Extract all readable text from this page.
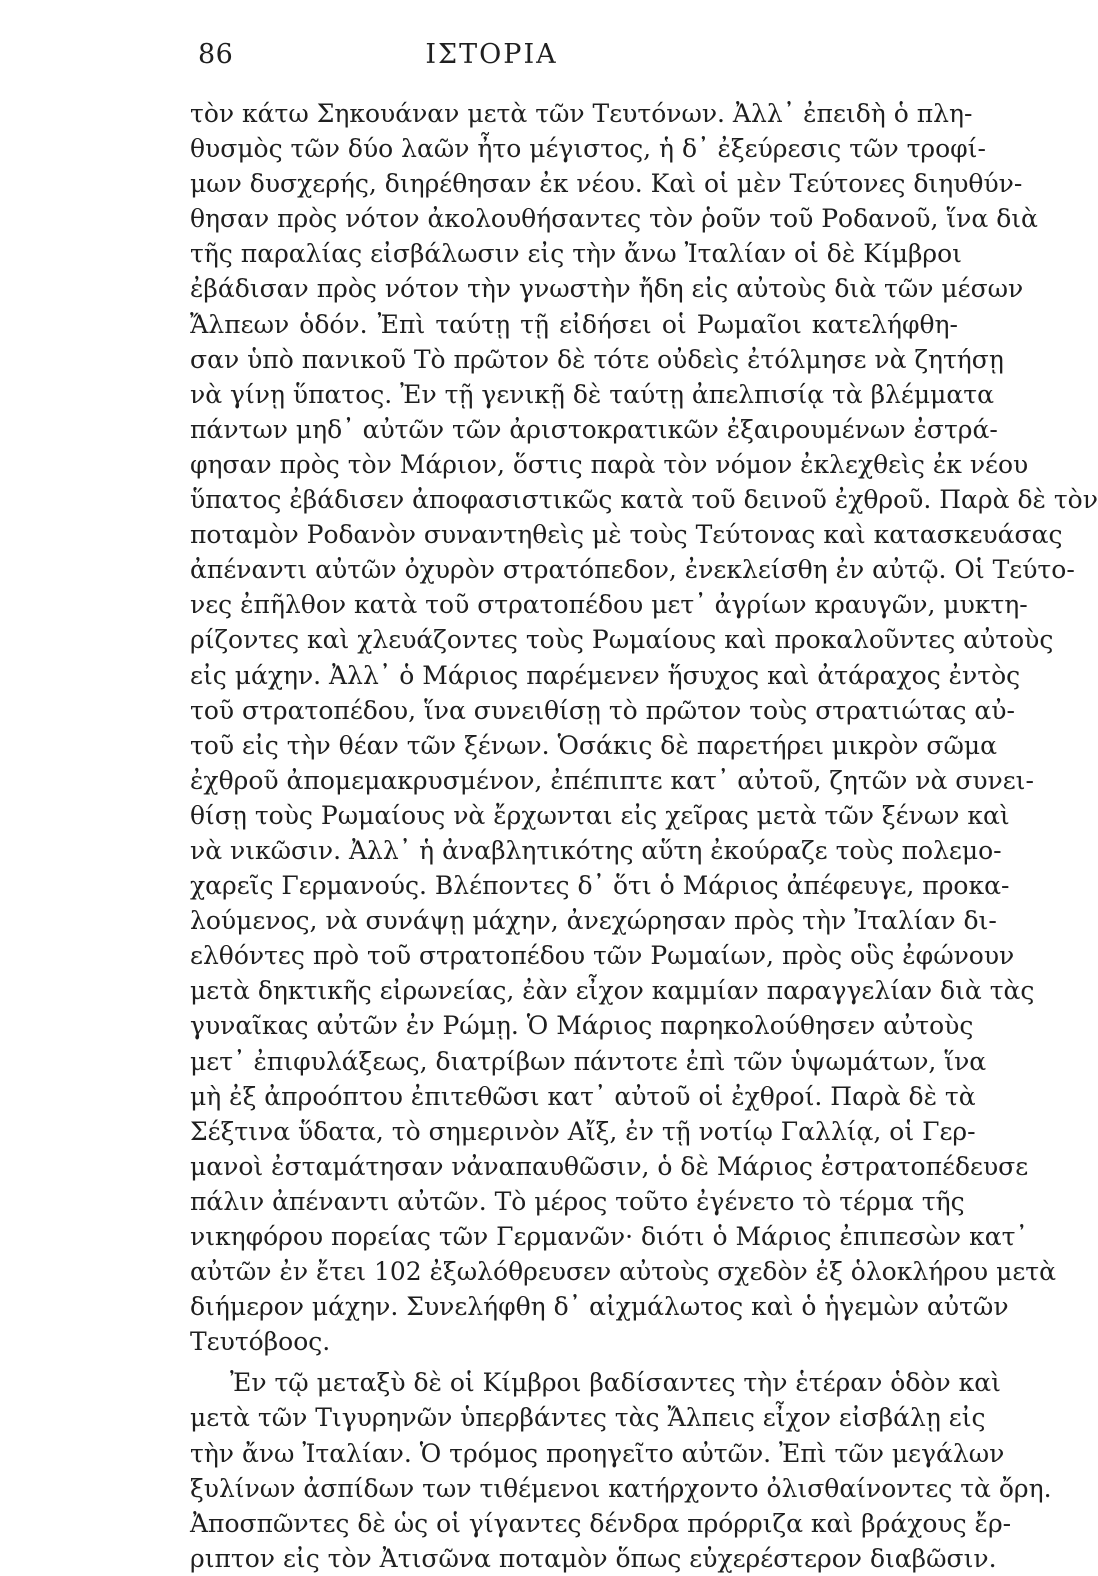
86	ΙΣΤΟΡΙΑ
τὸν κάτω Σηκουάναν μετὰ τῶν Τευτόνων. Ἀλλ᾽ ἐπειδὴ ὁ πλη-
θυσμὸς τῶν δύο λαῶν ἦτο μέγιστος, ἡ δ᾽ ἐξεύρεσις τῶν τροφί-
μων δυσχερής, διηρέθησαν ἐκ νέου. Καὶ οἱ μὲν Τεύτονες διηυθύν-
θησαν πρὸς νότον ἀκολουθήσαντες τὸν ῥοῦν τοῦ Ροδανοῦ, ἵνα διὰ
τῆς παραλίας εἰσβάλωσιν εἰς τὴν ἄνω Ἰταλίαν οἱ δὲ Κίμβροι
ἐβάδισαν πρὸς νότον τὴν γνωστὴν ἤδη εἰς αὐτοὺς διὰ τῶν μέσων
Ἄλπεων ὁδόν. Ἐπὶ ταύτῃ τῇ εἰδήσει οἱ Ρωμαῖοι κατελήφθη-
σαν ὑπὸ πανικοῦ Τὸ πρῶτον δὲ τότε οὐδεὶς ἐτόλμησε νὰ ζητήσῃ
νὰ γίνῃ ὕπατος. Ἐν τῇ γενικῇ δὲ ταύτῃ ἀπελπισίᾳ τὰ βλέμματα
πάντων μηδ᾽ αὐτῶν τῶν ἀριστοκρατικῶν ἐξαιρουμένων ἐστρά-
φησαν πρὸς τὸν Μάριον, ὅστις παρὰ τὸν νόμον ἐκλεχθεὶς ἐκ νέου
ὕπατος ἐβάδισεν ἀποφασιστικῶς κατὰ τοῦ δεινοῦ ἐχθροῦ. Παρὰ δὲ τὸν
ποταμὸν Ροδανὸν συναντηθεὶς μὲ τοὺς Τεύτονας καὶ κατασκευάσας
ἀπέναντι αὐτῶν ὀχυρὸν στρατόπεδον, ἐνεκλείσθη ἐν αὐτῷ. Οἱ Τεύτο-
νες ἐπῆλθον κατὰ τοῦ στρατοπέδου μετ᾽ ἀγρίων κραυγῶν, μυκτη-
ρίζοντες καὶ χλευάζοντες τοὺς Ρωμαίους καὶ προκαλοῦντες αὐτοὺς
εἰς μάχην. Ἀλλ᾽ ὁ Μάριος παρέμενεν ἥσυχος καὶ ἀτάραχος ἐντὸς
τοῦ στρατοπέδου, ἵνα συνειθίσῃ τὸ πρῶτον τοὺς στρατιώτας αὐ-
τοῦ εἰς τὴν θέαν τῶν ξένων. Ὁσάκις δὲ παρετήρει μικρὸν σῶμα
ἐχθροῦ ἀπομεμακρυσμένον, ἐπέπιπτε κατ᾽ αὐτοῦ, ζητῶν νὰ συνει-
θίσῃ τοὺς Ρωμαίους νὰ ἔρχωνται εἰς χεῖρας μετὰ τῶν ξένων καὶ
νὰ νικῶσιν. Ἀλλ᾽ ἡ ἀναβλητικότης αὕτη ἐκούραζε τοὺς πολεμο-
χαρεῖς Γερμανούς. Βλέποντες δ᾽ ὅτι ὁ Μάριος ἀπέφευγε, προκα-
λούμενος, νὰ συνάψῃ μάχην, ἀνεχώρησαν πρὸς τὴν Ἰταλίαν δι-
ελθόντες πρὸ τοῦ στρατοπέδου τῶν Ρωμαίων, πρὸς οὓς ἐφώνουν
μετὰ δηκτικῆς εἰρωνείας, ἐὰν εἶχον καμμίαν παραγγελίαν διὰ τὰς
γυναῖκας αὐτῶν ἐν Ρώμῃ. Ὁ Μάριος παρηκολούθησεν αὐτοὺς
μετ᾽ ἐπιφυλάξεως, διατρίβων πάντοτε ἐπὶ τῶν ὑψωμάτων, ἵνα
μὴ ἐξ ἀπροόπτου ἐπιτεθῶσι κατ᾽ αὐτοῦ οἱ ἐχθροί. Παρὰ δὲ τὰ
Σέξτινα ὕδατα, τὸ σημερινὸν Αἴξ, ἐν τῇ νοτίῳ Γαλλίᾳ, οἱ Γερ-
μανοὶ ἐσταμάτησαν νἀναπαυθῶσιν, ὁ δὲ Μάριος ἐστρατοπέδευσε
πάλιν ἀπέναντι αὐτῶν. Τὸ μέρος τοῦτο ἐγένετο τὸ τέρμα τῆς
νικηφόρου πορείας τῶν Γερμανῶν· διότι ὁ Μάριος ἐπιπεσὼν κατ᾽
αὐτῶν ἐν ἔτει 102 ἐξωλόθρευσεν αὐτοὺς σχεδὸν ἐξ ὁλοκλήρου μετὰ
διήμερον μάχην. Συνελήφθη δ᾽ αἰχμάλωτος καὶ ὁ ἡγεμὼν αὐτῶν
Τευτόβοος.
Ἐν τῷ μεταξὺ δὲ οἱ Κίμβροι βαδίσαντες τὴν ἑτέραν ὁδὸν καὶ
μετὰ τῶν Τιγυρηνῶν ὑπερβάντες τὰς Ἄλπεις εἶχον εἰσβάλῃ εἰς
τὴν ἄνω Ἰταλίαν. Ὁ τρόμος προηγεῖτο αὐτῶν. Ἐπὶ τῶν μεγάλων
ξυλίνων ἀσπίδων των τιθέμενοι κατήρχοντο ὀλισθαίνοντες τὰ ὄρη.
Ἀποσπῶντες δὲ ὡς οἱ γίγαντες δένδρα πρόρριζα καὶ βράχους ἔρ-
ριπτον εἰς τὸν Ἀτισῶνα ποταμὸν ὅπως εὐχερέστερον διαβῶσιν.
